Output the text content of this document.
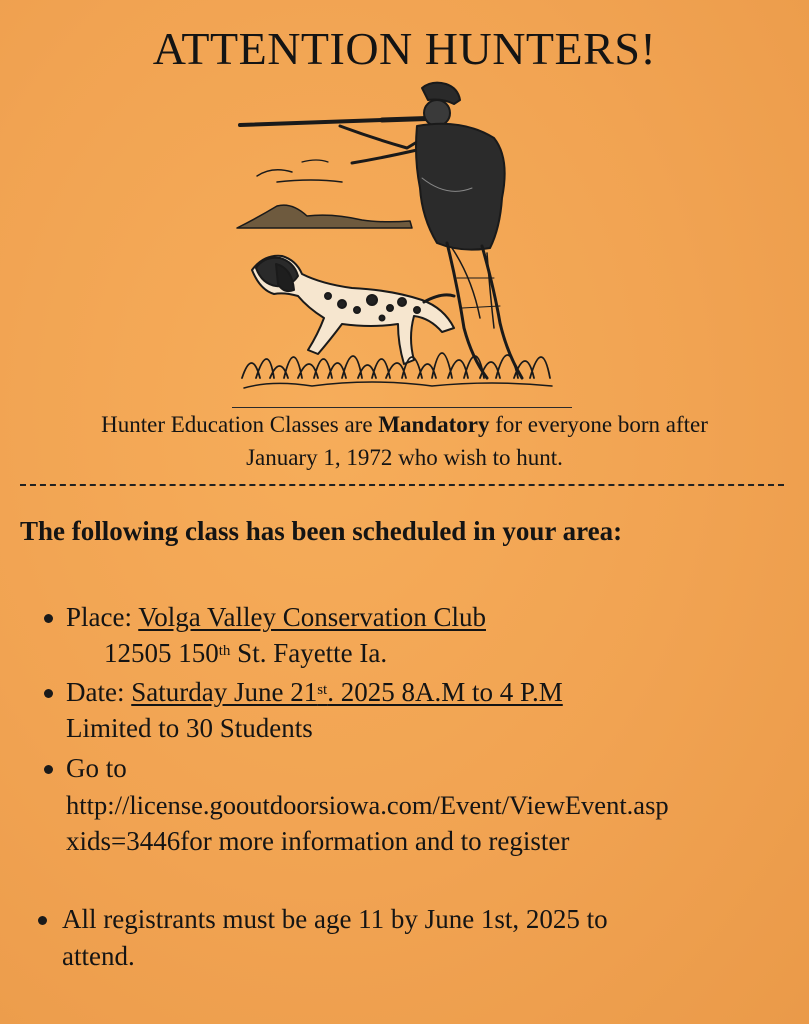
ATTENTION HUNTERS!
Hunter Education Classes are Mandatory for everyone born after
January 1, 1972 who wish to hunt.
The following class has been scheduled in your area:
Place: Volga Valley Conservation Club
12505 150th St. Fayette Ia.
Date: Saturday June 21st. 2025 8A.M to 4 P.M
Limited to 30 Students
Go to
http://license.gooutdoorsiowa.com/Event/ViewEvent.asp
xids=3446for more information and to register
All registrants must be age 11 by June 1st, 2025 to
attend.
